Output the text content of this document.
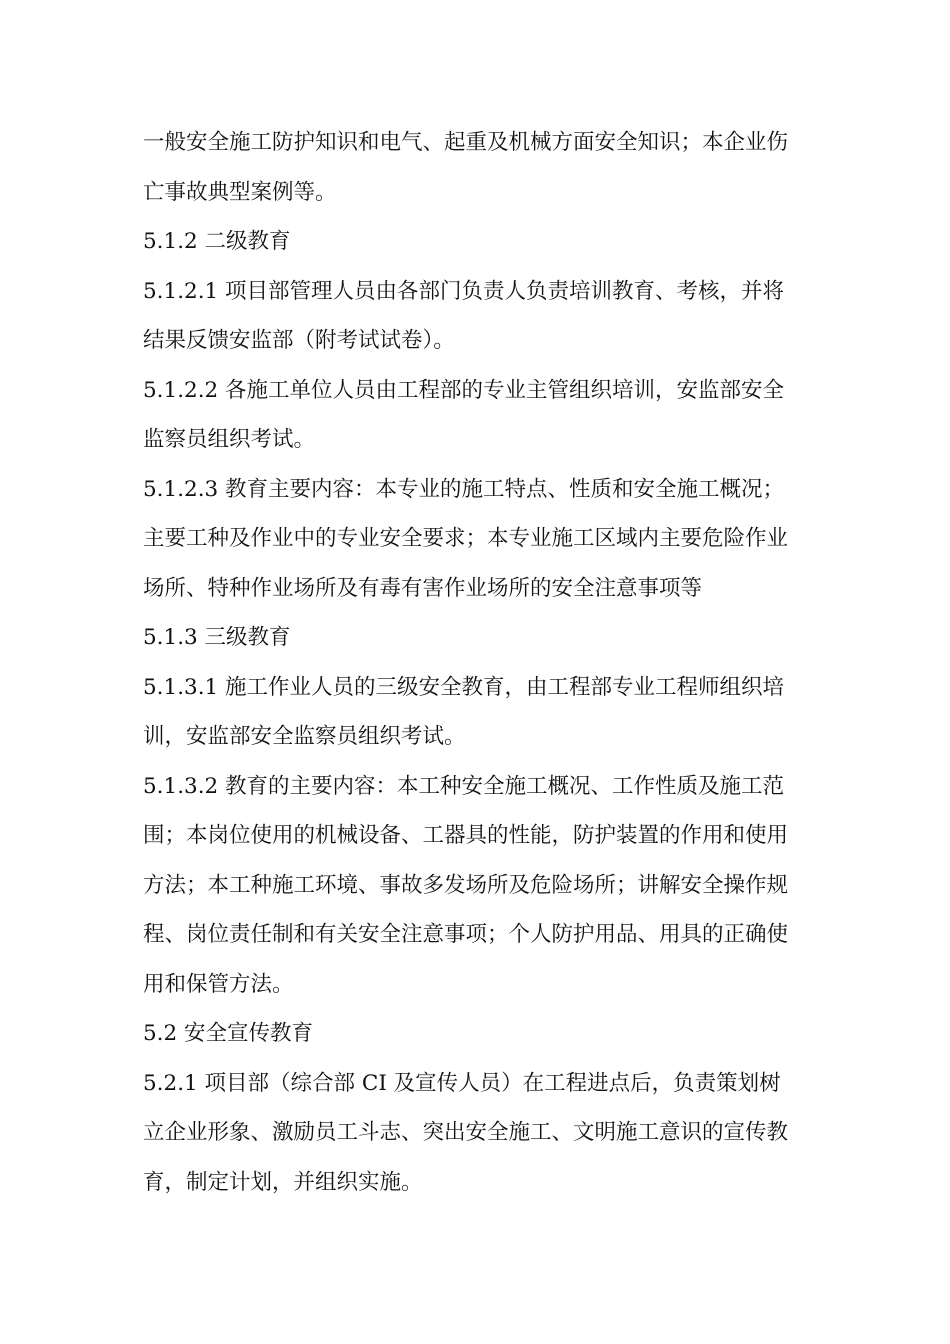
一般安全施工防护知识和电气、起重及机械方面安全知识；本企业伤
亡事故典型案例等。
5.1.2 二级教育
5.1.2.1 项目部管理人员由各部门负责人负责培训教育、考核，并将
结果反馈安监部（附考试试卷）。
5.1.2.2 各施工单位人员由工程部的专业主管组织培训，安监部安全
监察员组织考试。
5.1.2.3 教育主要内容：本专业的施工特点、性质和安全施工概况；
主要工种及作业中的专业安全要求；本专业施工区域内主要危险作业
场所、特种作业场所及有毒有害作业场所的安全注意事项等
5.1.3 三级教育
5.1.3.1 施工作业人员的三级安全教育，由工程部专业工程师组织培
训，安监部安全监察员组织考试。
5.1.3.2 教育的主要内容：本工种安全施工概况、工作性质及施工范
围；本岗位使用的机械设备、工器具的性能，防护装置的作用和使用
方法；本工种施工环境、事故多发场所及危险场所；讲解安全操作规
程、岗位责任制和有关安全注意事项；个人防护用品、用具的正确使
用和保管方法。
5.2 安全宣传教育
5.2.1 项目部（综合部 CI 及宣传人员）在工程进点后，负责策划树
立企业形象、激励员工斗志、突出安全施工、文明施工意识的宣传教
育，制定计划，并组织实施。
